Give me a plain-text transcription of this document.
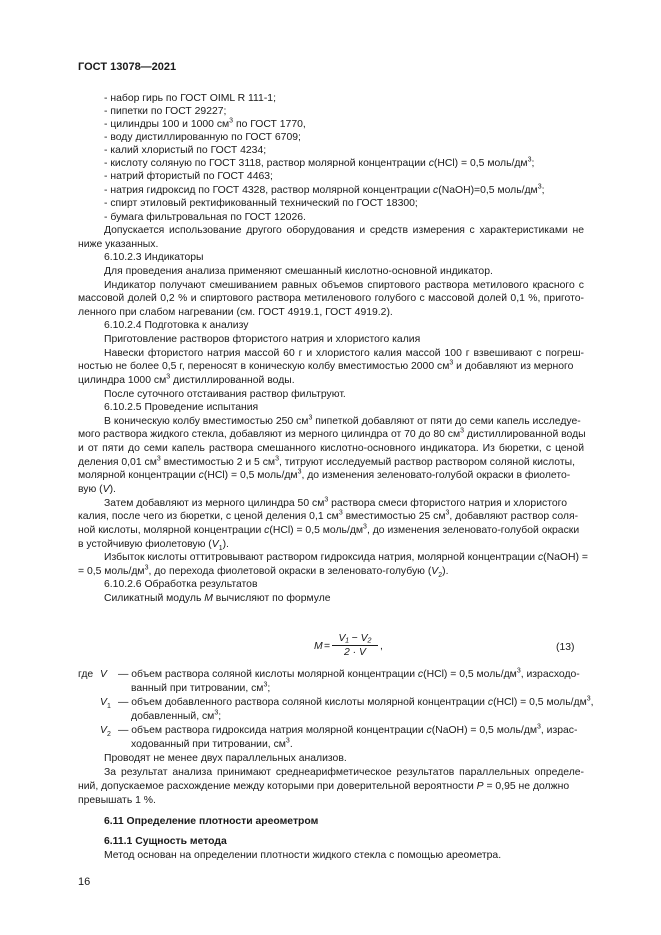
ГОСТ 13078—2021
- набор гирь по ГОСТ OIML R 111-1;
- пипетки по ГОСТ 29227;
- цилиндры 100 и 1000 $см^3$ по ГОСТ 1770,
- воду дистиллированную по ГОСТ 6709;
- калий хлористый по ГОСТ 4234;
- кислоту соляную по ГОСТ 3118, раствор молярной концентрации c(HCl) = 0,5 моль/$дм^3$;
- натрий фтористый по ГОСТ 4463;
- натрия гидроксид по ГОСТ 4328, раствор молярной концентрации c(NaOH)=0,5 моль/$дм^3$;
- спирт этиловый ректификованный технический по ГОСТ 18300;
- бумага фильтровальная по ГОСТ 12026.
Допускается использование другого оборудования и средств измерения с характеристиками не
ниже указанных.
6.10.2.3 Индикаторы
Для проведения анализа применяют смешанный кислотно-основной индикатор.
Индикатор получают смешиванием равных объемов спиртового раствора метилового красного с
массовой долей 0,2 % и спиртового раствора метиленового голубого с массовой долей 0,1 %, пригото-
ленного при слабом нагревании (см. ГОСТ 4919.1, ГОСТ 4919.2).
6.10.2.4 Подготовка к анализу
Приготовление растворов фтористого натрия и хлористого калия
Навески фтористого натрия массой 60 г и хлористого калия массой 100 г взвешивают с погреш-
ностью не более 0,5 г, переносят в коническую колбу вместимостью 2000 $см^3$ и добавляют из мерного
цилиндра 1000 $см^3$ дистиллированной воды.
После суточного отстаивания раствор фильтруют.
6.10.2.5 Проведение испытания
В коническую колбу вместимостью 250 $см^3$ пипеткой добавляют от пяти до семи капель исследуе-
мого раствора жидкого стекла, добавляют из мерного цилиндра от 70 до 80 $см^3$ дистиллированной воды
и от пяти до семи капель раствора смешанного кислотно-основного индикатора. Из бюретки, с ценой
деления 0,01 $см^3$ вместимостью 2 и 5 $см^3$, титруют исследуемый раствор раствором соляной кислоты,
молярной концентрации c(HCl) = 0,5 моль/$дм^3$, до изменения зеленовато-голубой окраски в фиолето-
вую (V).
Затем добавляют из мерного цилиндра 50 $см^3$ раствора смеси фтористого натрия и хлористого
калия, после чего из бюретки, с ценой деления 0,1 $см^3$ вместимостью 25 $см^3$, добавляют раствор соля-
ной кислоты, молярной концентрации c(HCl) = 0,5 моль/$дм^3$, до изменения зеленовато-голубой окраски
в устойчивую фиолетовую $(V_1)$.
Избыток кислоты оттитровывают раствором гидроксида натрия, молярной концентрации c(NaOH) =
= 0,5 моль/$дм^3$, до перехода фиолетовой окраски в зеленовато-голубую $(V_2)$.
6.10.2.6 Обработка результатов
Силикатный модуль M вычисляют по формуле
$M = \frac{\text{V₁ − V₂}}{2 \cdot V}$ ,	(13)
где V — объем раствора соляной кислоты молярной концентрации c(HCl) = 0,5 моль/$дм^3$, израсходо-
ванный при титровании, $см^3$;
$V_1$ — объем добавленного раствора соляной кислоты молярной концентрации c(HCl) = 0,5 моль/$дм^3$,
добавленный, $см^3$;
$V_2$ — объем раствора гидроксида натрия молярной концентрации c(NaOH) = 0,5 моль/$дм^3$, израс-
ходованный при титровании, $см^3$.
Проводят не менее двух параллельных анализов.
За результат анализа принимают среднеарифметическое результатов параллельных определе-
ний, допускаемое расхождение между которыми при доверительной вероятности P = 0,95 не должно
превышать 1 %.
6.11 Определение плотности ареометром
6.11.1 Сущность метода
Метод основан на определении плотности жидкого стекла с помощью ареометра.
16
